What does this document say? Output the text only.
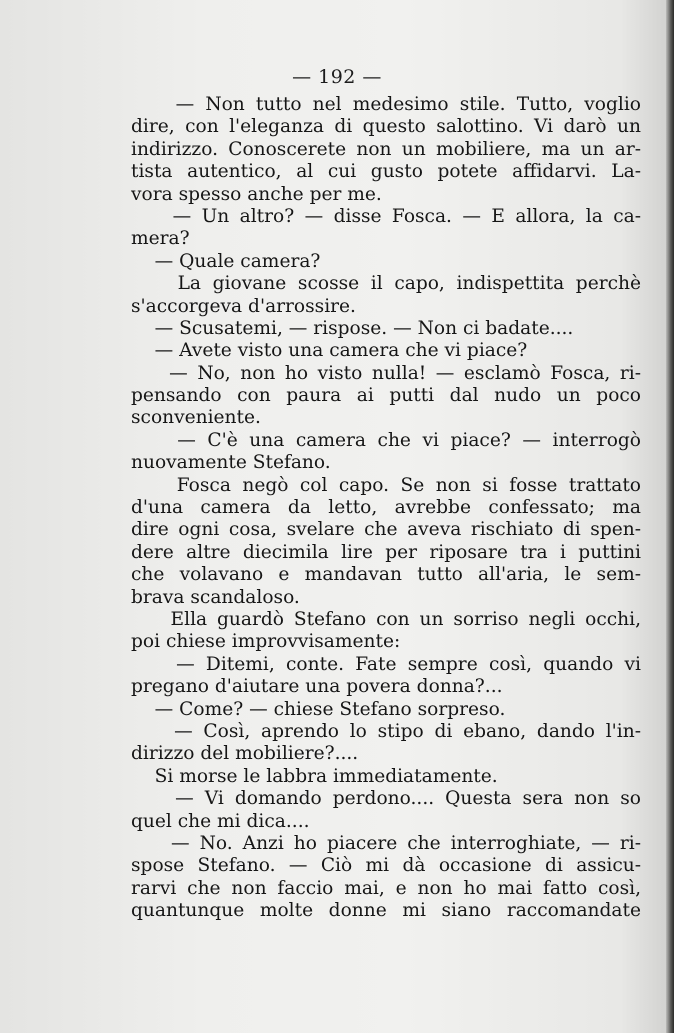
— 192 —
— Non tutto nel medesimo stile. Tutto, voglio
dire, con l'eleganza di questo salottino. Vi darò un
indirizzo. Conoscerete non un mobiliere, ma un ar-
tista autentico, al cui gusto potete affidarvi. La-
vora spesso anche per me.
— Un altro? — disse Fosca. — E allora, la ca-
mera?
— Quale camera?
La giovane scosse il capo, indispettita perchè
s'accorgeva d'arrossire.
— Scusatemi, — rispose. — Non ci badate....
— Avete visto una camera che vi piace?
— No, non ho visto nulla! — esclamò Fosca, ri-
pensando con paura ai putti dal nudo un poco
sconveniente.
— C'è una camera che vi piace? — interrogò
nuovamente Stefano.
Fosca negò col capo. Se non si fosse trattato
d'una camera da letto, avrebbe confessato; ma
dire ogni cosa, svelare che aveva rischiato di spen-
dere altre diecimila lire per riposare tra i puttini
che volavano e mandavan tutto all'aria, le sem-
brava scandaloso.
Ella guardò Stefano con un sorriso negli occhi,
poi chiese improvvisamente:
— Ditemi, conte. Fate sempre così, quando vi
pregano d'aiutare una povera donna?...
— Come? — chiese Stefano sorpreso.
— Così, aprendo lo stipo di ebano, dando l'in-
dirizzo del mobiliere?....
Si morse le labbra immediatamente.
— Vi domando perdono.... Questa sera non so
quel che mi dica....
— No. Anzi ho piacere che interroghiate, — ri-
spose Stefano. — Ciò mi dà occasione di assicu-
rarvi che non faccio mai, e non ho mai fatto così,
quantunque molte donne mi siano raccomandate
